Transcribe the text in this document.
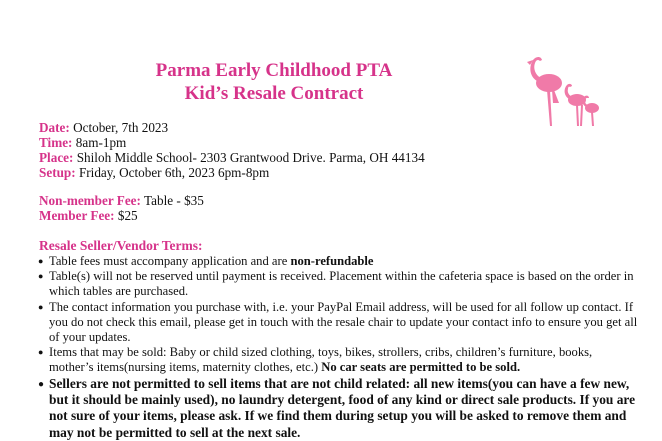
Parma Early Childhood PTA
Kid’s Resale Contract
Date: October, 7th 2023
Time: 8am-1pm
Place: Shiloh Middle School- 2303 Grantwood Drive. Parma, OH 44134
Setup: Friday, October 6th, 2023 6pm-8pm
Non-member Fee: Table - $35
Member Fee: $25
Resale Seller/Vendor Terms:
● Table fees must accompany application and are non-refundable
● Table(s) will not be reserved until payment is received. Placement within the cafeteria space is based on the order in which tables are purchased.
● The contact information you purchase with, i.e. your PayPal Email address, will be used for all follow up contact. If you do not check this email, please get in touch with the resale chair to update your contact info to ensure you get all of your updates.
● Items that may be sold: Baby or child sized clothing, toys, bikes, strollers, cribs, children’s furniture, books, mother’s items(nursing items, maternity clothes, etc.) No car seats are permitted to be sold.
● Sellers are not permitted to sell items that are not child related: all new items(you can have a few new, but it should be mainly used), no laundry detergent, food of any kind or direct sale products. If you are not sure of your items, please ask. If we find them during setup you will be asked to remove them and may not be permitted to sell at the next sale.
